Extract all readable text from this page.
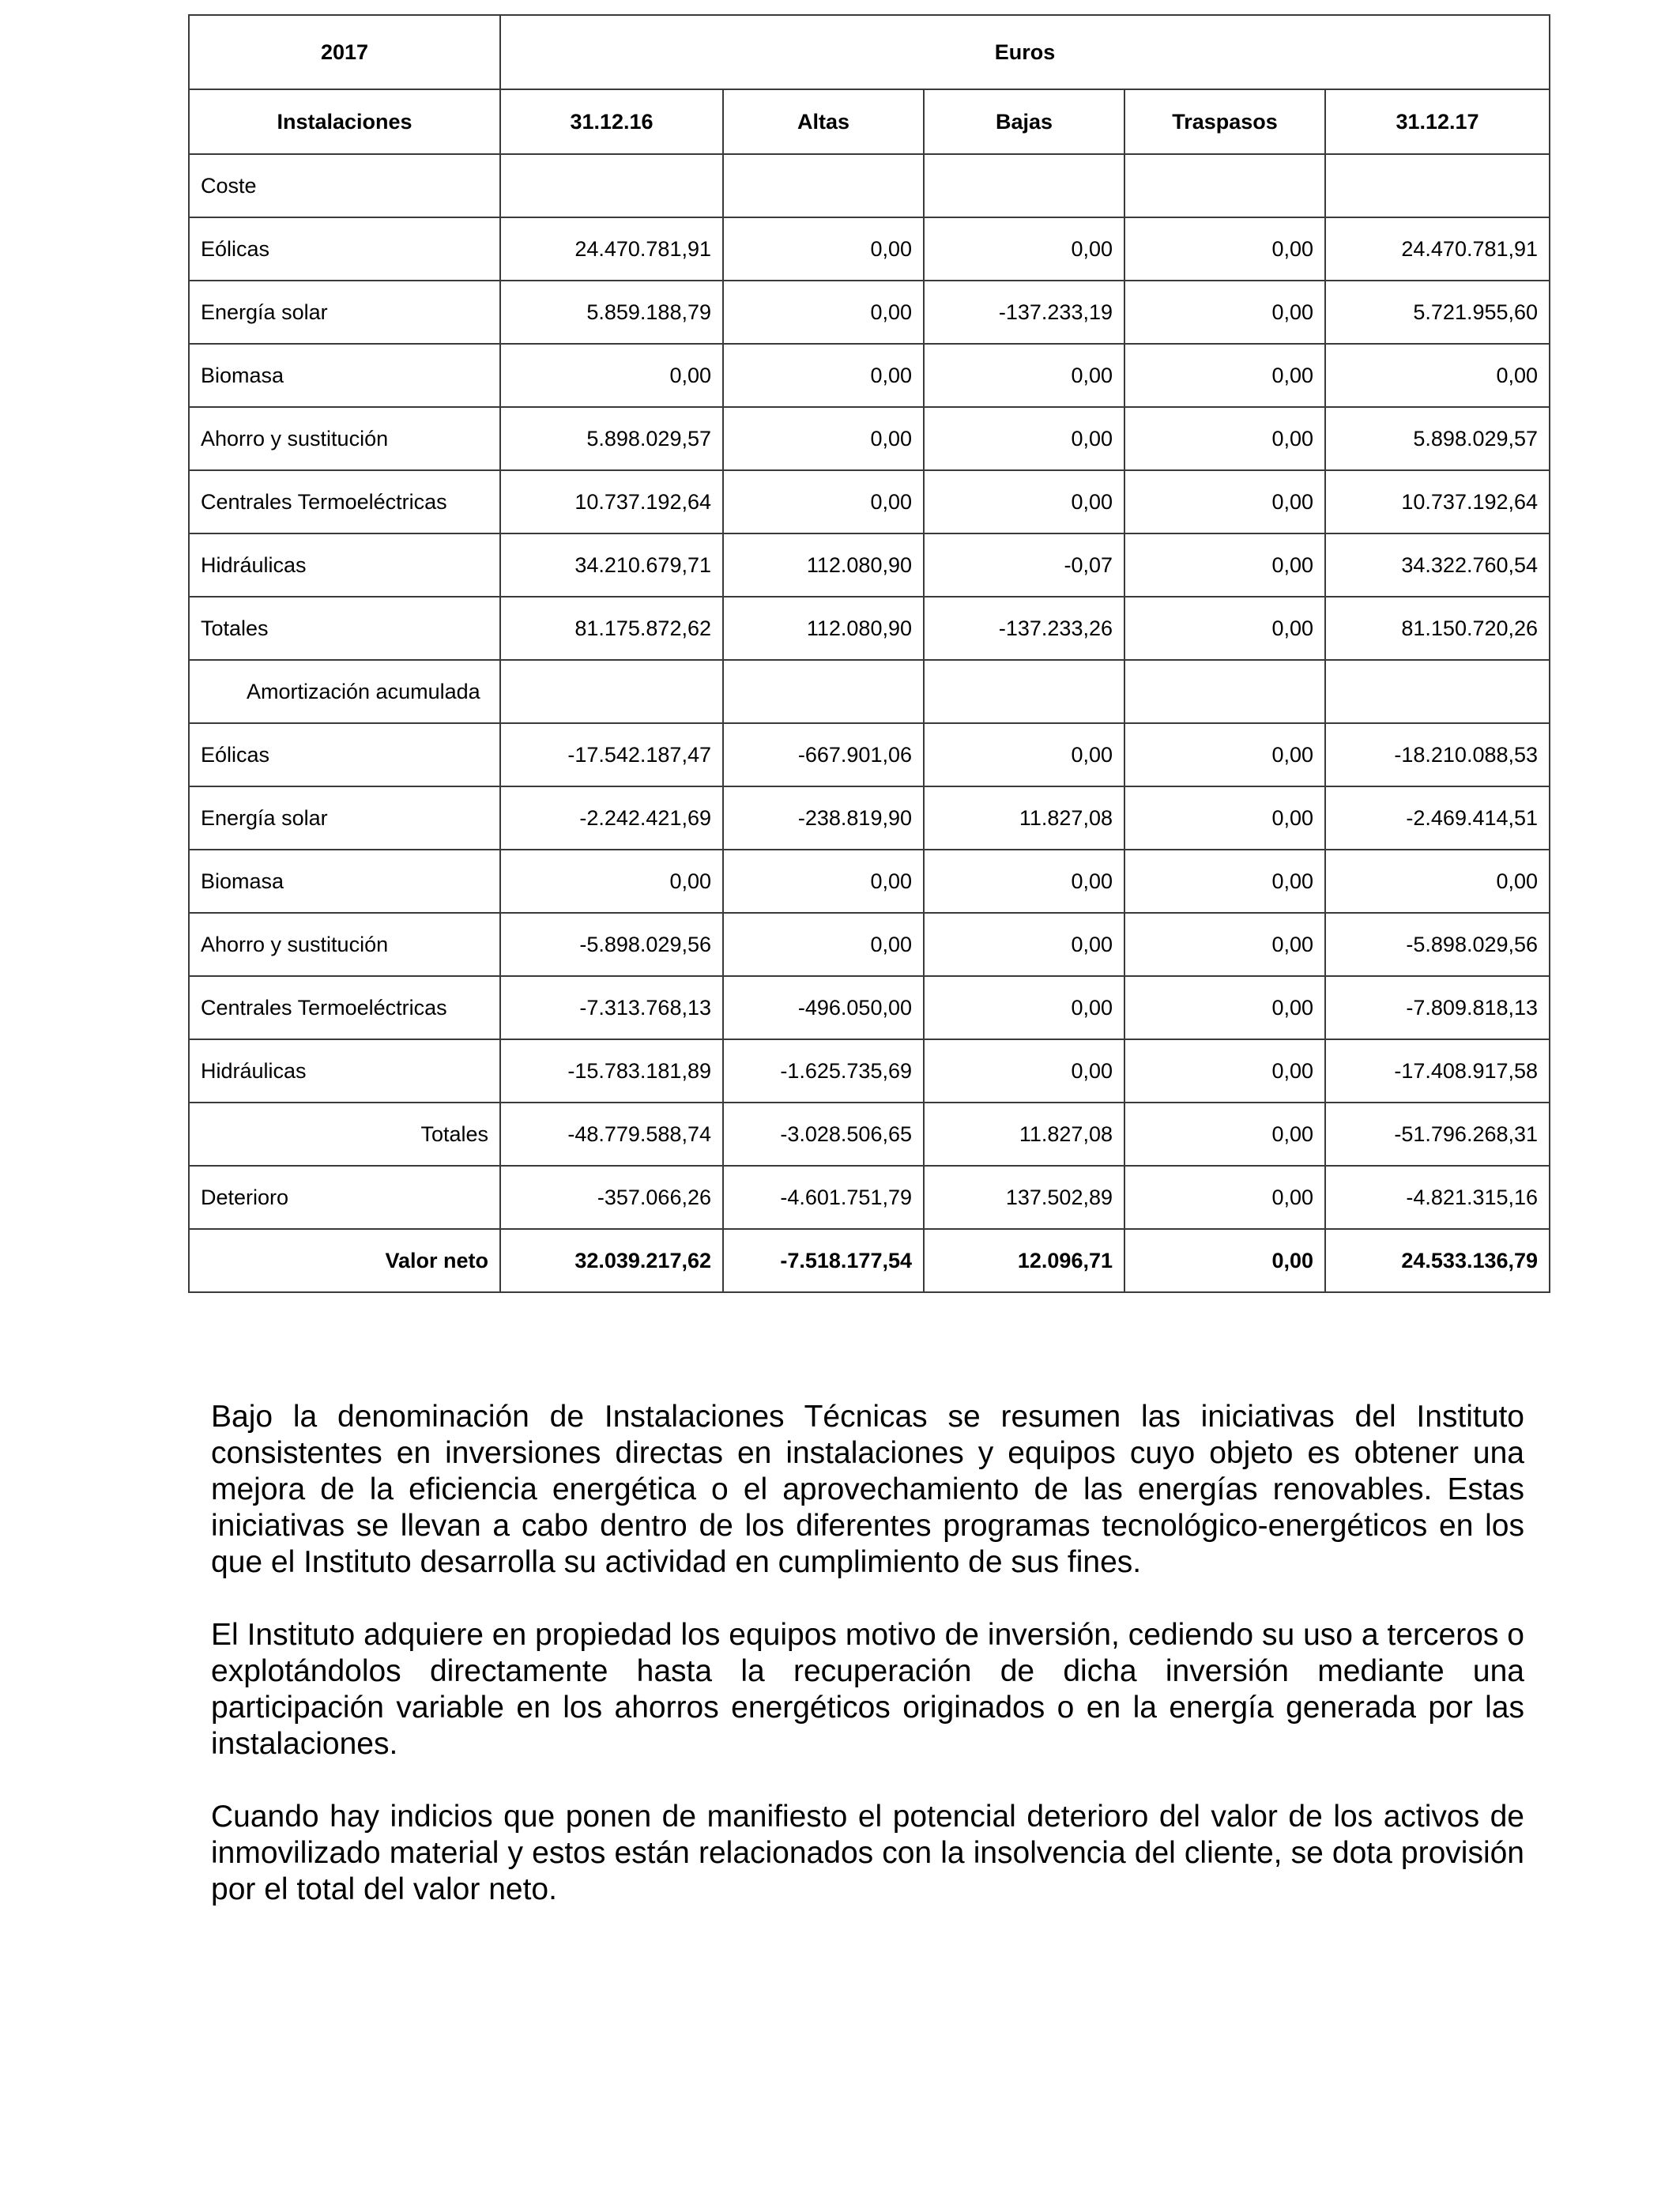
2017	Euros				
Instalaciones	31.12.16	Altas	Bajas	Traspasos	31.12.17
Coste					
Eólicas	24.470.781,91	0,00	0,00	0,00	24.470.781,91
Energía solar	5.859.188,79	0,00	-137.233,19	0,00	5.721.955,60
Biomasa	0,00	0,00	0,00	0,00	0,00
Ahorro y sustitución	5.898.029,57	0,00	0,00	0,00	5.898.029,57
Centrales Termoeléctricas	10.737.192,64	0,00	0,00	0,00	10.737.192,64
Hidráulicas	34.210.679,71	112.080,90	-0,07	0,00	34.322.760,54
Totales	81.175.872,62	112.080,90	-137.233,26	0,00	81.150.720,26
Amortización acumulada					
Eólicas	-17.542.187,47	-667.901,06	0,00	0,00	-18.210.088,53
Energía solar	-2.242.421,69	-238.819,90	11.827,08	0,00	-2.469.414,51
Biomasa	0,00	0,00	0,00	0,00	0,00
Ahorro y sustitución	-5.898.029,56	0,00	0,00	0,00	-5.898.029,56
Centrales Termoeléctricas	-7.313.768,13	-496.050,00	0,00	0,00	-7.809.818,13
Hidráulicas	-15.783.181,89	-1.625.735,69	0,00	0,00	-17.408.917,58
Totales	-48.779.588,74	-3.028.506,65	11.827,08	0,00	-51.796.268,31
Deterioro	-357.066,26	-4.601.751,79	137.502,89	0,00	-4.821.315,16
Valor neto	32.039.217,62	-7.518.177,54	12.096,71	0,00	24.533.136,79

Bajo la denominación de Instalaciones Técnicas se resumen las iniciativas del Instituto consistentes en inversiones directas en instalaciones y equipos cuyo objeto es obtener una mejora de la eficiencia energética o el aprovechamiento de las energías renovables. Estas iniciativas se llevan a cabo dentro de los diferentes programas tecnológico-energéticos en los que el Instituto desarrolla su actividad en cumplimiento de sus fines.

El Instituto adquiere en propiedad los equipos motivo de inversión, cediendo su uso a terceros o explotándolos directamente hasta la recuperación de dicha inversión mediante una participación variable en los ahorros energéticos originados o en la energía generada por las instalaciones.

Cuando hay indicios que ponen de manifiesto el potencial deterioro del valor de los activos de inmovilizado material y estos están relacionados con la insolvencia del cliente, se dota provisión por el total del valor neto.
